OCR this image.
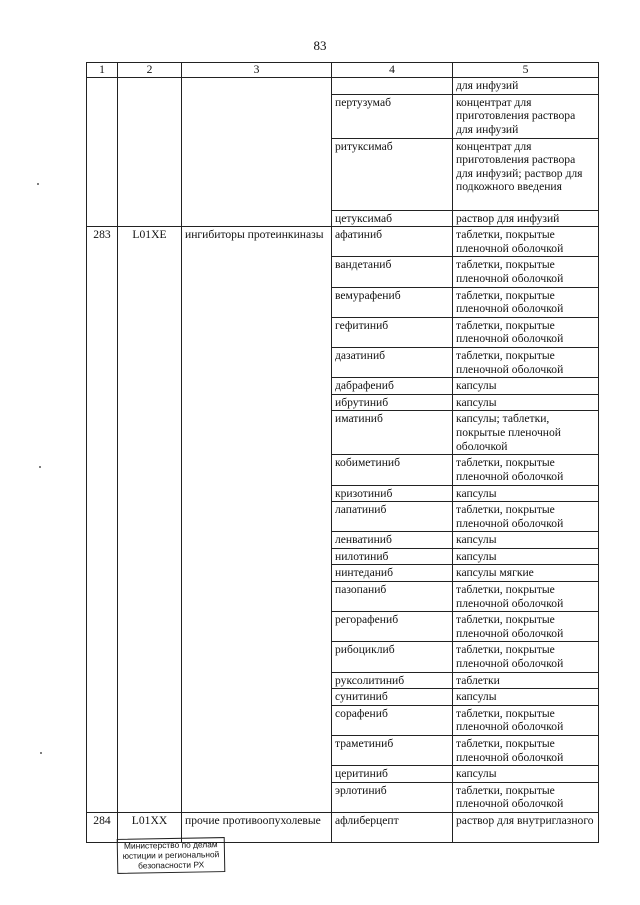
83
1	2	3	4	5
				для инфузий
			пертузумаб	концентрат для приготовления раствора для инфузий
			ритуксимаб	концентрат для приготовления раствора для инфузий; раствор для подкожного введения
			цетуксимаб	раствор для инфузий
283	L01XE	ингибиторы протеинкиназы	афатиниб	таблетки, покрытые пленочной оболочкой
			вандетаниб	таблетки, покрытые пленочной оболочкой
			вемурафениб	таблетки, покрытые пленочной оболочкой
			гефитиниб	таблетки, покрытые пленочной оболочкой
			дазатиниб	таблетки, покрытые пленочной оболочкой
			дабрафениб	капсулы
			ибрутиниб	капсулы
			иматиниб	капсулы; таблетки, покрытые пленочной оболочкой
			кобиметиниб	таблетки, покрытые пленочной оболочкой
			кризотиниб	капсулы
			лапатиниб	таблетки, покрытые пленочной оболочкой
			ленватиниб	капсулы
			нилотиниб	капсулы
			нинтеданиб	капсулы мягкие
			пазопаниб	таблетки, покрытые пленочной оболочкой
			регорафениб	таблетки, покрытые пленочной оболочкой
			рибоциклиб	таблетки, покрытые пленочной оболочкой
			руксолитиниб	таблетки
			сунитиниб	капсулы
			сорафениб	таблетки, покрытые пленочной оболочкой
			траметиниб	таблетки, покрытые пленочной оболочкой
			церитиниб	капсулы
			эрлотиниб	таблетки, покрытые пленочной оболочкой
284	L01XX	прочие противоопухолевые	афлиберцепт	раствор для внутриглазного
Министерство по делам
юстиции и региональной
безопасности РХ
